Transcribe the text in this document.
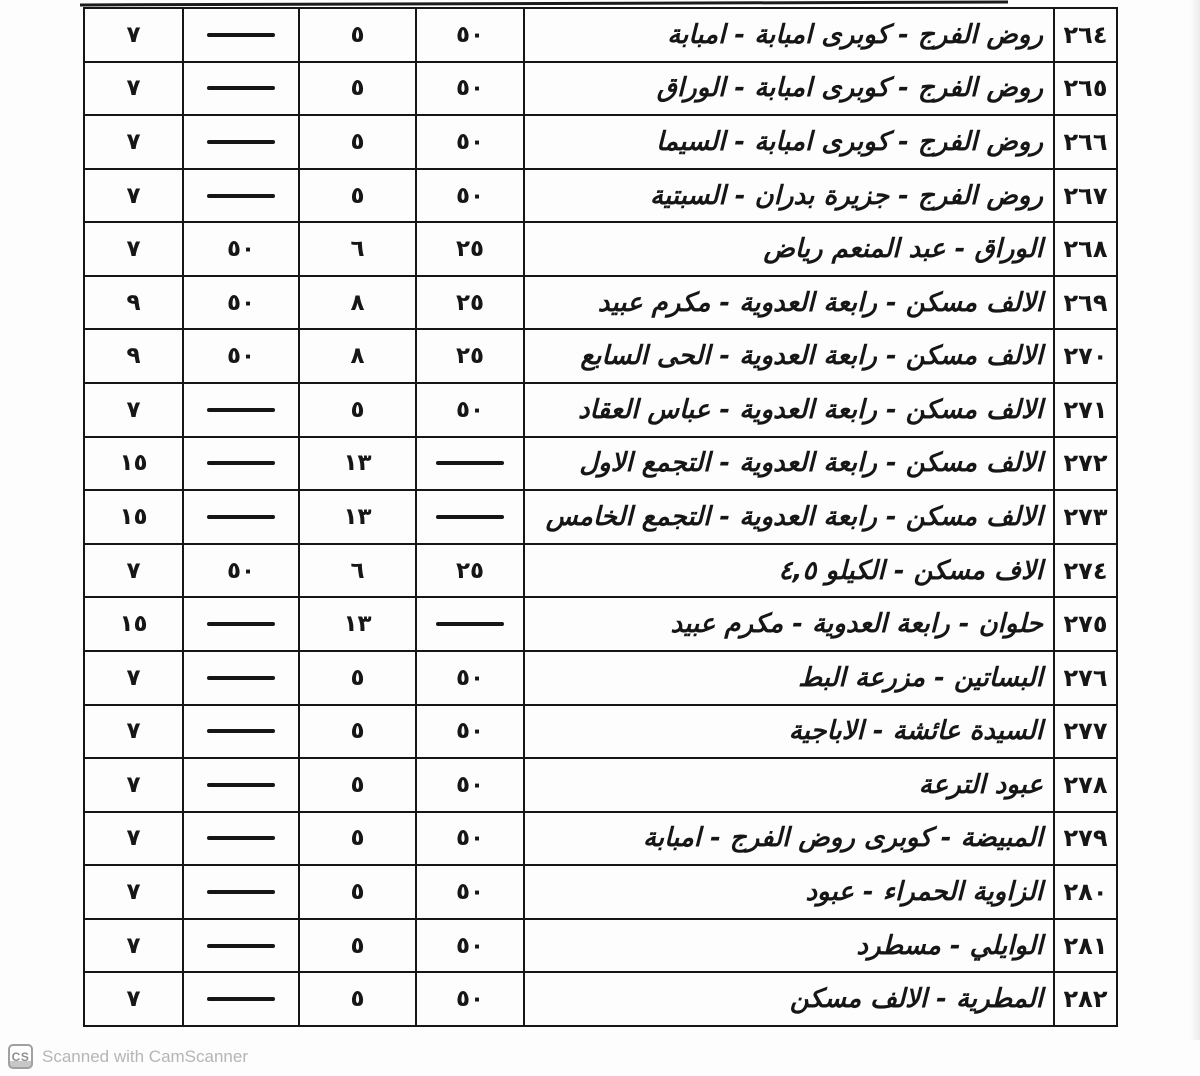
٢٦٤
روض الفرج - كوبرى امبابة - امبابة
٥٠
٥
٧
٢٦٥
روض الفرج - كوبرى امبابة - الوراق
٥٠
٥
٧
٢٦٦
روض الفرج - كوبرى امبابة - السيما
٥٠
٥
٧
٢٦٧
روض الفرج - جزيرة بدران - السبتية
٥٠
٥
٧
٢٦٨
الوراق - عبد المنعم رياض
٢٥
٦
٥٠
٧
٢٦٩
الالف مسكن - رابعة العدوية - مكرم عبيد
٢٥
٨
٥٠
٩
٢٧٠
الالف مسكن - رابعة العدوية - الحى السابع
٢٥
٨
٥٠
٩
٢٧١
الالف مسكن - رابعة العدوية - عباس العقاد
٥٠
٥
٧
٢٧٢
الالف مسكن - رابعة العدوية - التجمع الاول
١٣
١٥
٢٧٣
الالف مسكن - رابعة العدوية - التجمع الخامس
١٣
١٥
٢٧٤
الاف مسكن - الكيلو ٤,٥
٢٥
٦
٥٠
٧
٢٧٥
حلوان - رابعة العدوية - مكرم عبيد
١٣
١٥
٢٧٦
البساتين - مزرعة البط
٥٠
٥
٧
٢٧٧
السيدة عائشة - الاباجية
٥٠
٥
٧
٢٧٨
عبود الترعة
٥٠
٥
٧
٢٧٩
المبيضة - كوبرى روض الفرج - امبابة
٥٠
٥
٧
٢٨٠
الزاوية الحمراء - عبود
٥٠
٥
٧
٢٨١
الوايلي - مسطرد
٥٠
٥
٧
٢٨٢
المطرية - الالف مسكن
٥٠
٥
٧
CS Scanned with CamScanner
